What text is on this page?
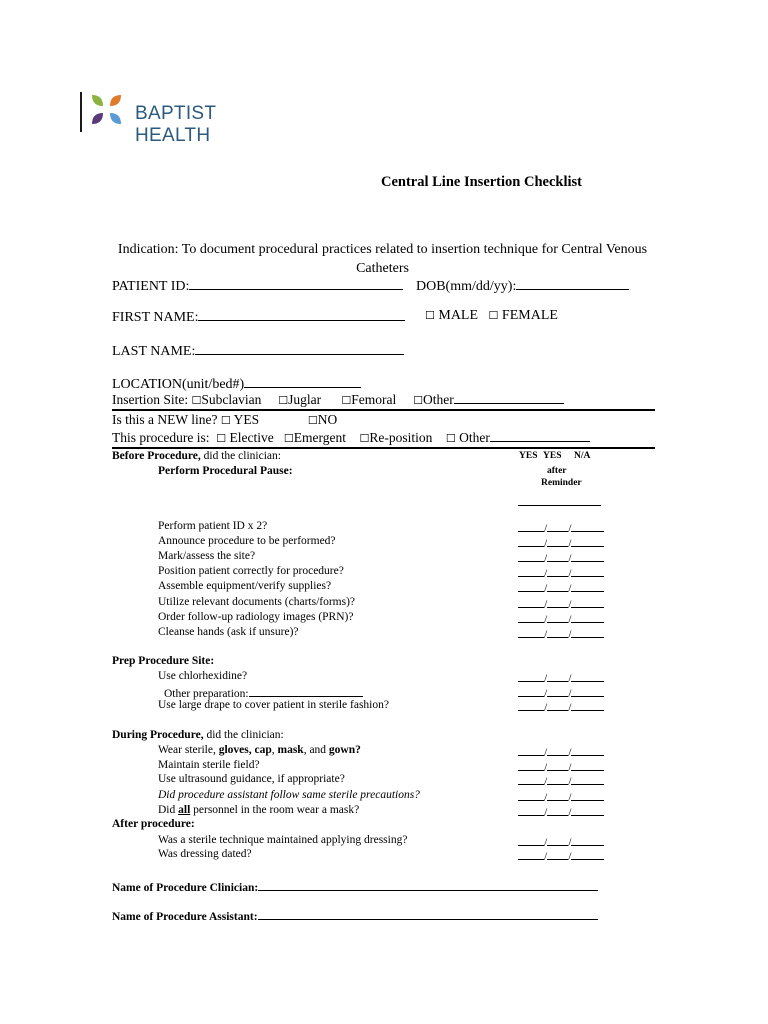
BAPTIST HEALTH
Central Line Insertion Checklist
Indication: To document procedural practices related to insertion technique for Central Venous Catheters
PATIENT ID:	DOB(mm/dd/yy):
FIRST NAME:	☐ MALE ☐ FEMALE
LAST NAME:
LOCATION(unit/bed#)
Insertion Site: ☐Subclavian ☐Juglar ☐Femoral ☐Other
Is this a NEW line? ☐ YES	☐NO
This procedure is: ☐ Elective ☐Emergent ☐Re-position ☐ Other
Before Procedure, did the clinician:
Perform Procedural Pause:
YES YES N/A
after
Reminder
Perform patient ID x 2?	/ /
Announce procedure to be performed?	/ /
Mark/assess the site?	/ /
Position patient correctly for procedure?	/ /
Assemble equipment/verify supplies?	/ /
Utilize relevant documents (charts/forms)?	/ /
Order follow-up radiology images (PRN)?	/ /
Cleanse hands (ask if unsure)?	/ /
Prep Procedure Site:
Use chlorhexidine?	/ /
Other preparation:	/ /
Use large drape to cover patient in sterile fashion?	/ /
During Procedure, did the clinician:
Wear sterile, gloves, cap, mask, and gown?	/ /
Maintain sterile field?	/ /
Use ultrasound guidance, if appropriate?	/ /
Did procedure assistant follow same sterile precautions?	/ /
Did all personnel in the room wear a mask?	/ /
After procedure:
Was a sterile technique maintained applying dressing?	/ /
Was dressing dated?	/ /
Name of Procedure Clinician:
Name of Procedure Assistant:
